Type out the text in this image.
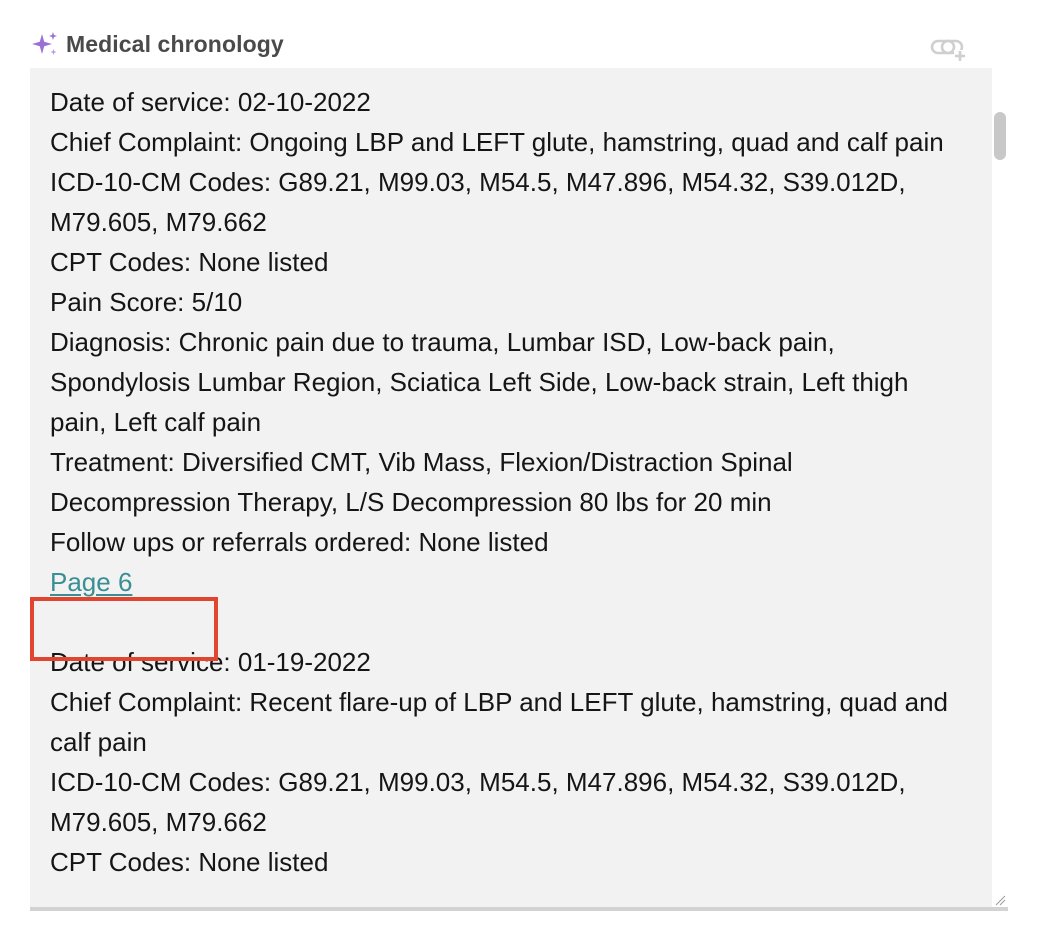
Medical chronology

Date of service: 02-10-2022

Chief Complaint: Ongoing LBP and LEFT glute, hamstring, quad and calf pain

ICD-10-CM Codes: G89.21, M99.03, M54.5, M47.896, M54.32, S39.012D, M79.605, M79.662

CPT Codes: None listed

Pain Score: 5/10

Diagnosis: Chronic pain due to trauma, Lumbar ISD, Low-back pain, Spondylosis Lumbar Region, Sciatica Left Side, Low-back strain, Left thigh pain, Left calf pain

Treatment: Diversified CMT, Vib Mass, Flexion/Distraction Spinal Decompression Therapy, L/S Decompression 80 lbs for 20 min

Follow ups or referrals ordered: None listed

Page 6

Date of service: 01-19-2022

Chief Complaint: Recent flare-up of LBP and LEFT glute, hamstring, quad and calf pain

ICD-10-CM Codes: G89.21, M99.03, M54.5, M47.896, M54.32, S39.012D, M79.605, M79.662

CPT Codes: None listed
